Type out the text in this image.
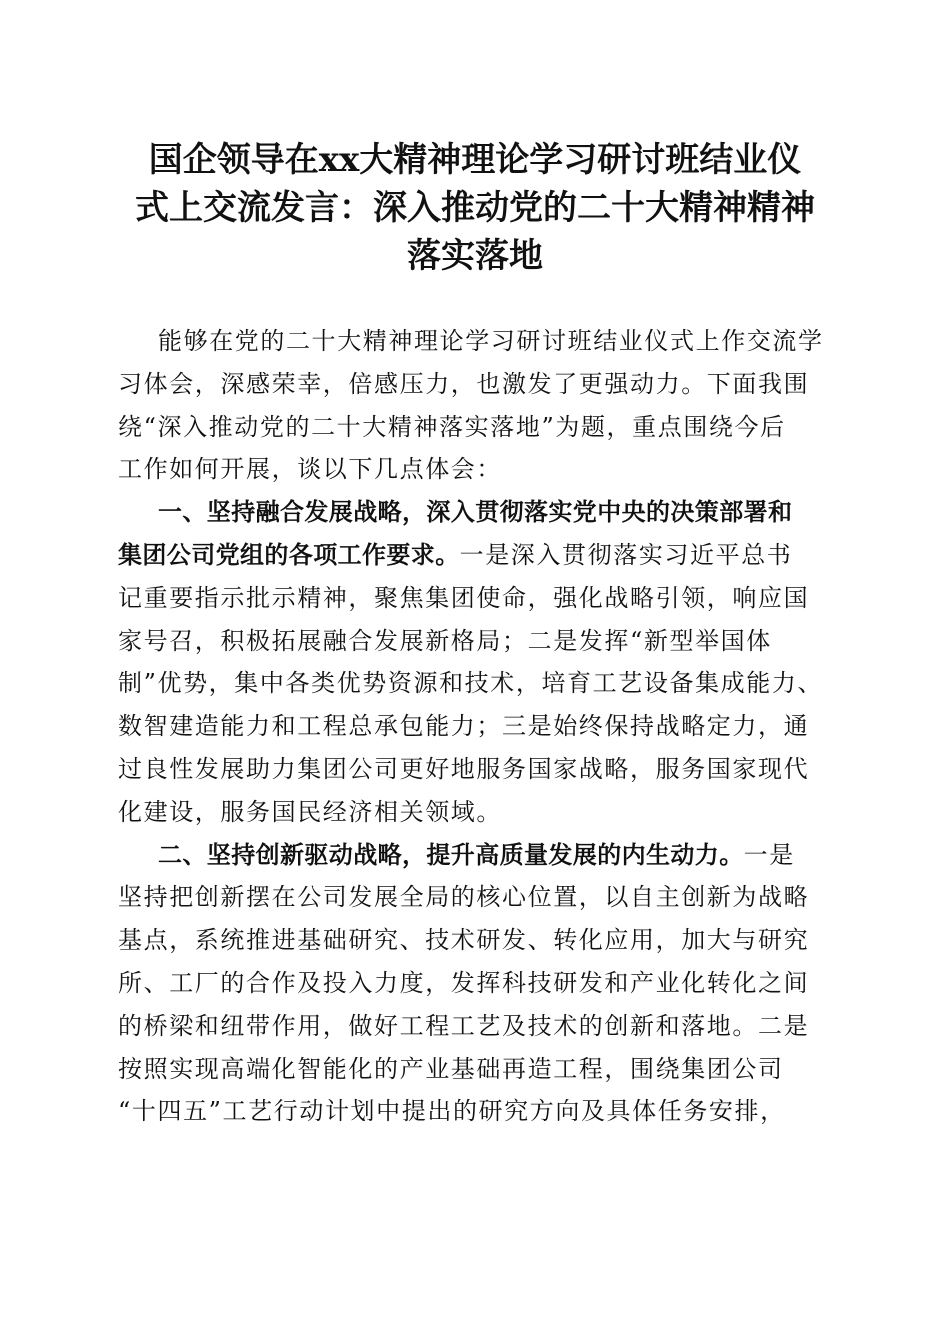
国企领导在xx大精神理论学习研讨班结业仪
式上交流发言：深入推动党的二十大精神精神
落实落地
能够在党的二十大精神理论学习研讨班结业仪式上作交流学
习体会，深感荣幸，倍感压力，也激发了更强动力。下面我围
绕“深入推动党的二十大精神落实落地”为题，重点围绕今后
工作如何开展，谈以下几点体会：
一、坚持融合发展战略，深入贯彻落实党中央的决策部署和
集团公司党组的各项工作要求。一是深入贯彻落实习近平总书
记重要指示批示精神，聚焦集团使命，强化战略引领，响应国
家号召，积极拓展融合发展新格局；二是发挥“新型举国体
制”优势，集中各类优势资源和技术，培育工艺设备集成能力、
数智建造能力和工程总承包能力；三是始终保持战略定力，通
过良性发展助力集团公司更好地服务国家战略，服务国家现代
化建设，服务国民经济相关领域。
二、坚持创新驱动战略，提升高质量发展的内生动力。一是
坚持把创新摆在公司发展全局的核心位置，以自主创新为战略
基点，系统推进基础研究、技术研发、转化应用，加大与研究
所、工厂的合作及投入力度，发挥科技研发和产业化转化之间
的桥梁和纽带作用，做好工程工艺及技术的创新和落地。二是
按照实现高端化智能化的产业基础再造工程，围绕集团公司
“十四五”工艺行动计划中提出的研究方向及具体任务安排，
